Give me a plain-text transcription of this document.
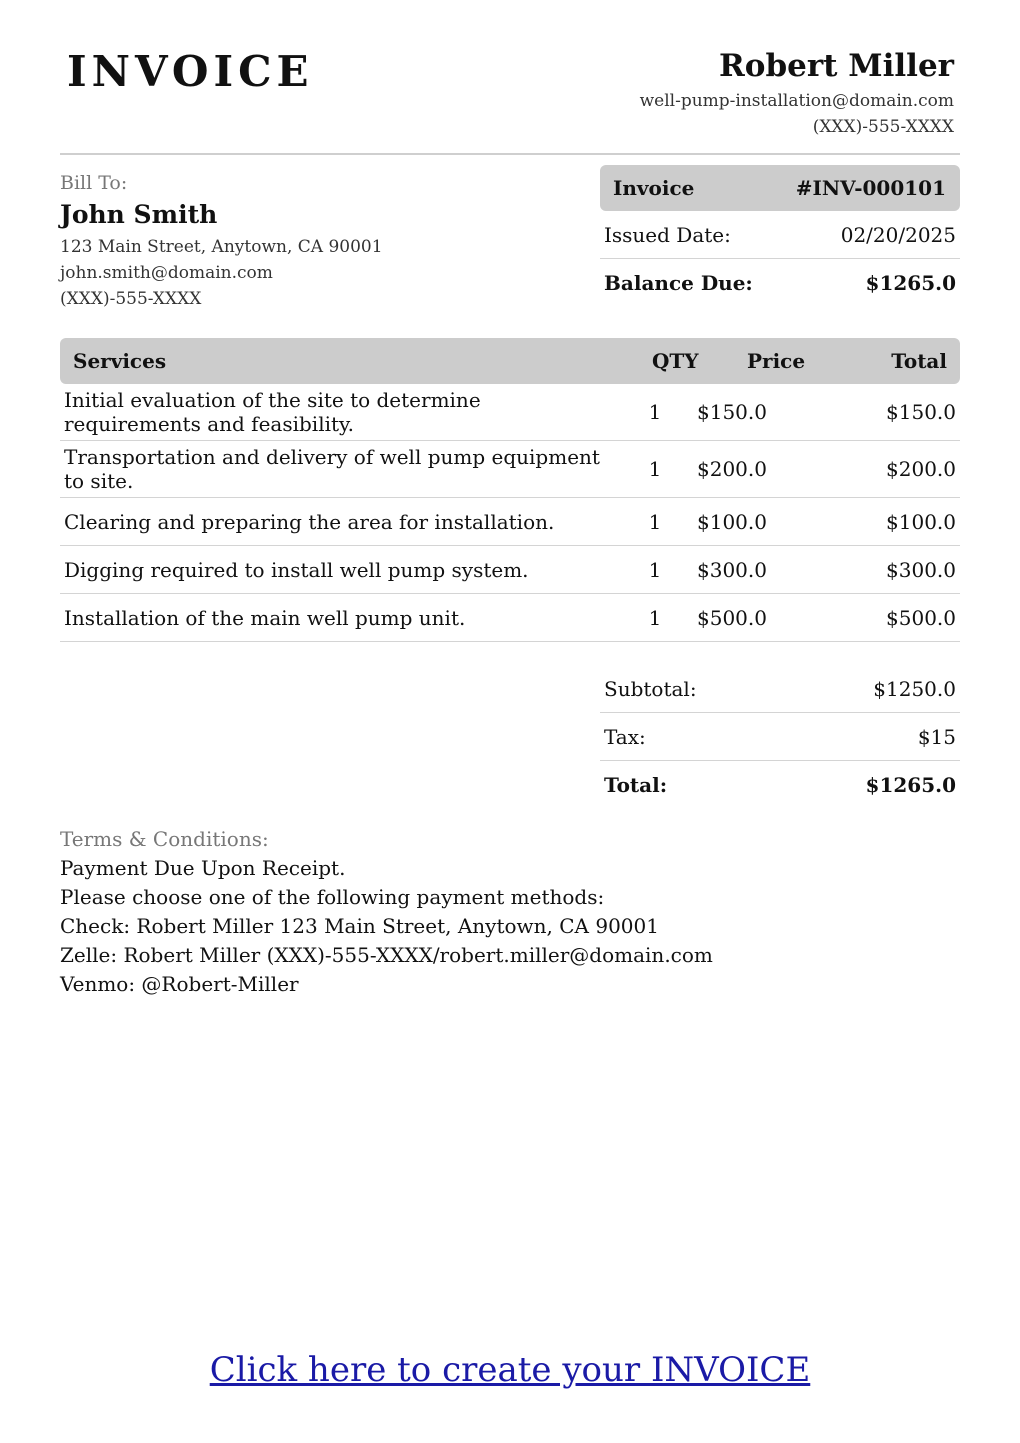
INVOICE	Robert Miller
well-pump-installation@domain.com
(XXX)-555-XXXX
Bill To:
John Smith
123 Main Street, Anytown, CA 90001
john.smith@domain.com
(XXX)-555-XXXX
Invoice	#INV-000101
Issued Date:	02/20/2025
Balance Due:	$1265.0
Services	QTY	Price	Total
Initial evaluation of the site to determine requirements and feasibility.	1	$150.0	$150.0
Transportation and delivery of well pump equipment to site.	1	$200.0	$200.0
Clearing and preparing the area for installation.	1	$100.0	$100.0
Digging required to install well pump system.	1	$300.0	$300.0
Installation of the main well pump unit.	1	$500.0	$500.0
Subtotal:	$1250.0
Tax:	$15
Total:	$1265.0
Terms & Conditions:
Payment Due Upon Receipt.
Please choose one of the following payment methods:
Check: Robert Miller 123 Main Street, Anytown, CA 90001
Zelle: Robert Miller (XXX)-555-XXXX/robert.miller@domain.com
Venmo: @Robert-Miller
Click here to create your INVOICE
